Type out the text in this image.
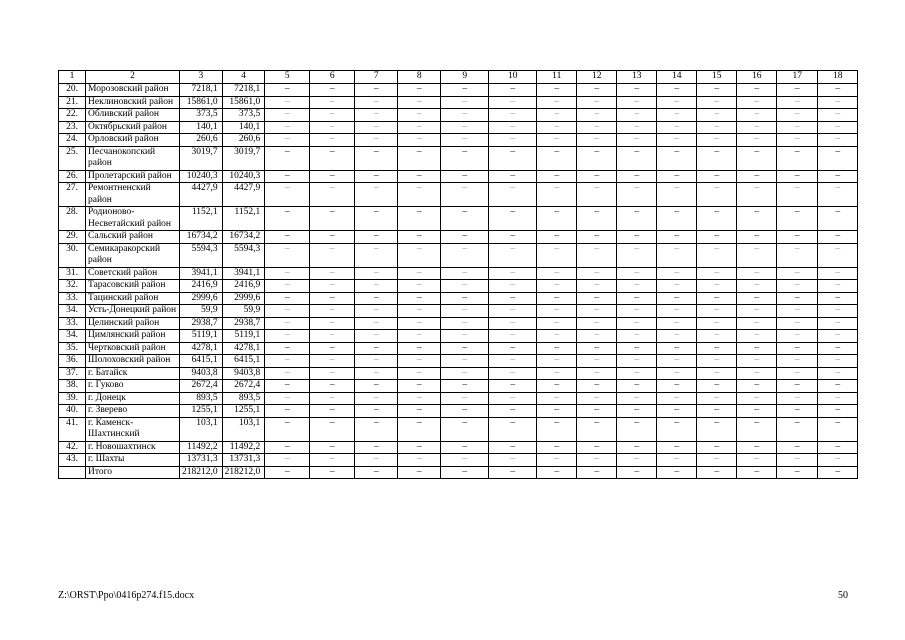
1	2	3	4	5	6	7	8	9	10	11	12	13	14	15	16	17	18
20.	Морозовский район	7218,1	7218,1	–	–	–	–	–	–	–	–	–	–	–	–	–	–
21.	Неклиновский район	15861,0	15861,0	–	–	–	–	–	–	–	–	–	–	–	–	–	–
22.	Обливский район	373,5	373,5	–	–	–	–	–	–	–	–	–	–	–	–	–	–
23.	Октябрьский район	140,1	140,1	–	–	–	–	–	–	–	–	–	–	–	–	–	–
24.	Орловский район	260,6	260,6	–	–	–	–	–	–	–	–	–	–	–	–	–	–
25.	Песчанокопский район	3019,7	3019,7	–	–	–	–	–	–	–	–	–	–	–	–	–	–
26.	Пролетарский район	10240,3	10240,3	–	–	–	–	–	–	–	–	–	–	–	–	–	–
27.	Ремонтненский район	4427,9	4427,9	–	–	–	–	–	–	–	–	–	–	–	–	–	–
28.	Родионово-Несветайский район	1152,1	1152,1	–	–	–	–	–	–	–	–	–	–	–	–	–	–
29.	Сальский район	16734,2	16734,2	–	–	–	–	–	–	–	–	–	–	–	–	–	–
30.	Семикаракорский район	5594,3	5594,3	–	–	–	–	–	–	–	–	–	–	–	–	–	–
31.	Советский район	3941,1	3941,1	–	–	–	–	–	–	–	–	–	–	–	–	–	–
32.	Тарасовский район	2416,9	2416,9	–	–	–	–	–	–	–	–	–	–	–	–	–	–
33.	Тацинский район	2999,6	2999,6	–	–	–	–	–	–	–	–	–	–	–	–	–	–
34.	Усть-Донецкий район	59,9	59,9	–	–	–	–	–	–	–	–	–	–	–	–	–	–
33.	Целинский район	2938,7	2938,7	–	–	–	–	–	–	–	–	–	–	–	–	–	–
34.	Цимлянский район	5119,1	5119,1	–	–	–	–	–	–	–	–	–	–	–	–	–	–
35.	Чертковский район	4278,1	4278,1	–	–	–	–	–	–	–	–	–	–	–	–	–	–
36.	Шолоховский район	6415,1	6415,1	–	–	–	–	–	–	–	–	–	–	–	–	–	–
37.	г. Батайск	9403,8	9403,8	–	–	–	–	–	–	–	–	–	–	–	–	–	–
38.	г. Гуково	2672,4	2672,4	–	–	–	–	–	–	–	–	–	–	–	–	–	–
39.	г. Донецк	893,5	893,5	–	–	–	–	–	–	–	–	–	–	–	–	–	–
40.	г. Зверево	1255,1	1255,1	–	–	–	–	–	–	–	–	–	–	–	–	–	–
41.	г. Каменск-Шахтинский	103,1	103,1	–	–	–	–	–	–	–	–	–	–	–	–	–	–
42.	г. Новошахтинск	11492,2	11492,2	–	–	–	–	–	–	–	–	–	–	–	–	–	–
43.	г. Шахты	13731,3	13731,3	–	–	–	–	–	–	–	–	–	–	–	–	–	–
	Итого	218212,0	218212,0	–	–	–	–	–	–	–	–	–	–	–	–	–	–
Z:\ORST\Ppo\0416p274.f15.docx	50
